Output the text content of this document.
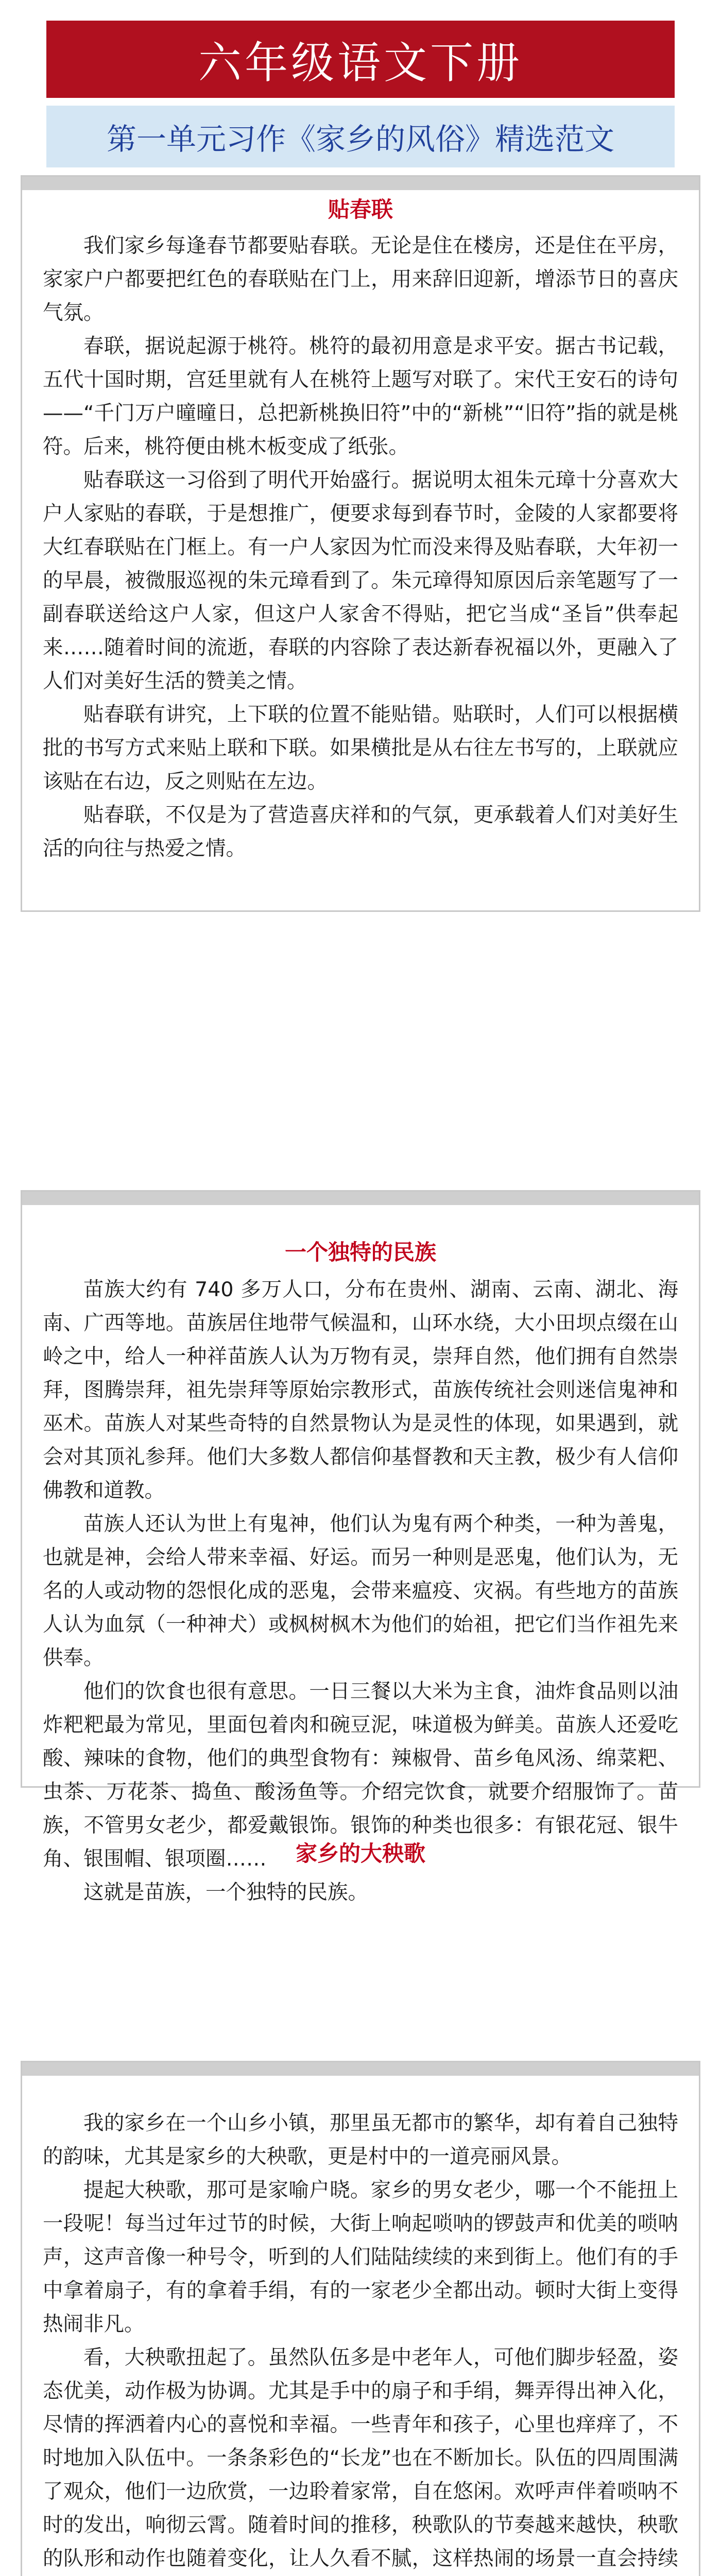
六年级语文下册
第一单元习作《家乡的风俗》精选范文
贴春联

我们家乡每逢春节都要贴春联。无论是住在楼房，还是住在平房，家家户户都要把红色的春联贴在门上，用来辞旧迎新，增添节日的喜庆气氛。

春联，据说起源于桃符。桃符的最初用意是求平安。据古书记载，五代十国时期，宫廷里就有人在桃符上题写对联了。宋代王安石的诗句——“千门万户曈曈日，总把新桃换旧符”中的“新桃”“旧符”指的就是桃符。后来，桃符便由桃木板变成了纸张。

贴春联这一习俗到了明代开始盛行。据说明太祖朱元璋十分喜欢大户人家贴的春联，于是想推广，便要求每到春节时，金陵的人家都要将大红春联贴在门框上。有一户人家因为忙而没来得及贴春联，大年初一的早晨，被微服巡视的朱元璋看到了。朱元璋得知原因后亲笔题写了一副春联送给这户人家，但这户人家舍不得贴，把它当成“圣旨”供奉起来……随着时间的流逝，春联的内容除了表达新春祝福以外，更融入了人们对美好生活的赞美之情。

贴春联有讲究，上下联的位置不能贴错。贴联时，人们可以根据横批的书写方式来贴上联和下联。如果横批是从右往左书写的，上联就应该贴在右边，反之则贴在左边。

贴春联，不仅是为了营造喜庆祥和的气氛，更承载着人们对美好生活的向往与热爱之情。

一个独特的民族

苗族大约有 740 多万人口，分布在贵州、湖南、云南、湖北、海南、广西等地。苗族居住地带气候温和，山环水绕，大小田坝点缀在山岭之中，给人一种祥苗族人认为万物有灵，崇拜自然，他们拥有自然崇拜，图腾崇拜，祖先崇拜等原始宗教形式，苗族传统社会则迷信鬼神和巫术。苗族人对某些奇特的自然景物认为是灵性的体现，如果遇到，就会对其顶礼参拜。他们大多数人都信仰基督教和天主教，极少有人信仰佛教和道教。

苗族人还认为世上有鬼神，他们认为鬼有两个种类，一种为善鬼，也就是神，会给人带来幸福、好运。而另一种则是恶鬼，他们认为，无名的人或动物的怨恨化成的恶鬼，会带来瘟疫、灾祸。有些地方的苗族人认为血氛（一种神犬）或枫树枫木为他们的始祖，把它们当作祖先来供奉。

他们的饮食也很有意思。一日三餐以大米为主食，油炸食品则以油炸粑粑最为常见，里面包着肉和碗豆泥，味道极为鲜美。苗族人还爱吃酸、辣味的食物，他们的典型食物有：辣椒骨、苗乡龟风汤、绵菜粑、虫茶、万花茶、捣鱼、酸汤鱼等。介绍完饮食，就要介绍服饰了。苗族，不管男女老少，都爱戴银饰。银饰的种类也很多：有银花冠、银牛角、银围帽、银项圈……

这就是苗族，一个独特的民族。

家乡的大秧歌

我的家乡在一个山乡小镇，那里虽无都市的繁华，却有着自己独特的韵味，尤其是家乡的大秧歌，更是村中的一道亮丽风景。

提起大秧歌，那可是家喻户晓。家乡的男女老少，哪一个不能扭上一段呢！每当过年过节的时候，大街上响起唢呐的锣鼓声和优美的唢呐声，这声音像一种号令，听到的人们陆陆续续的来到街上。他们有的手中拿着扇子，有的拿着手绢，有的一家老少全都出动。顿时大街上变得热闹非凡。

看，大秧歌扭起了。虽然队伍多是中老年人，可他们脚步轻盈，姿态优美，动作极为协调。尤其是手中的扇子和手绢，舞弄得出神入化，尽情的挥洒着内心的喜悦和幸福。一些青年和孩子，心里也痒痒了，不时地加入队伍中。一条条彩色的“长龙”也在不断加长。队伍的四周围满了观众，他们一边欣赏，一边聆着家常，自在悠闲。欢呼声伴着唢呐不时的发出，响彻云霄。随着时间的推移，秧歌队的节奏越来越快，秧歌的队形和动作也随着变化，让人久看不腻，这样热闹的场景一直会持续
